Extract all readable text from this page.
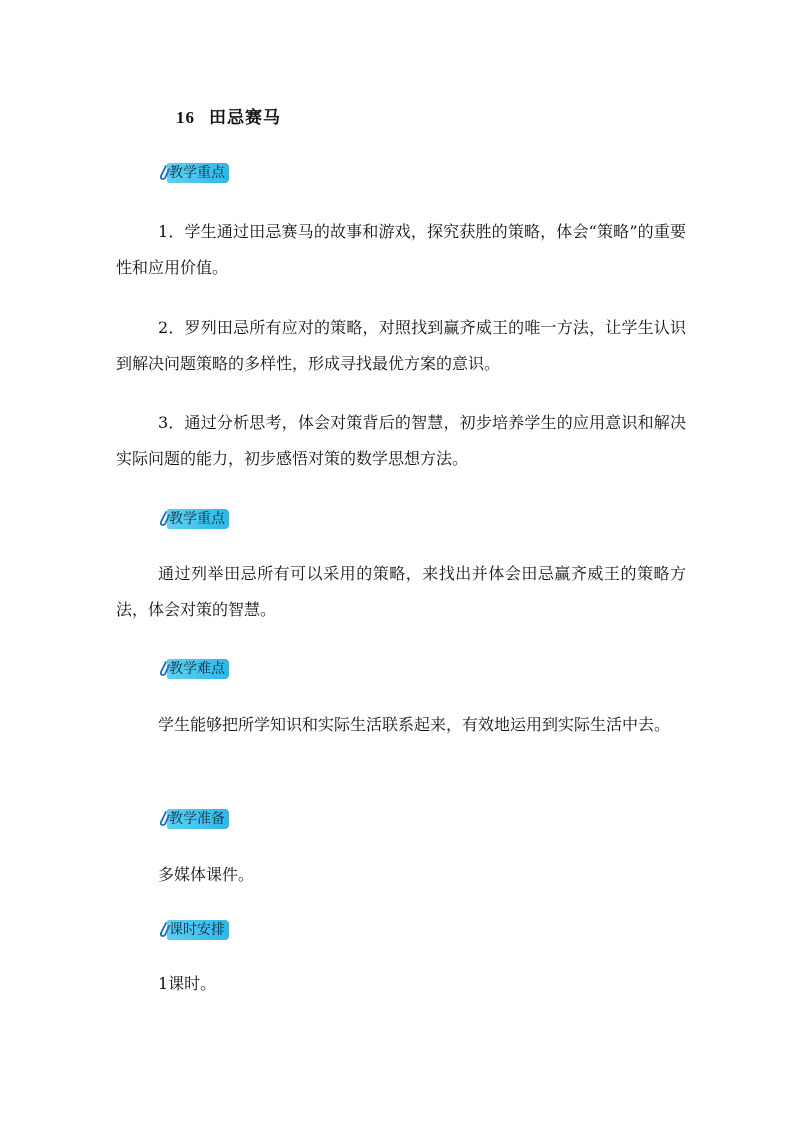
16 田忌赛马
教学重点
1．学生通过田忌赛马的故事和游戏，探究获胜的策略，体会“策略”的重要性和应用价值。
2．罗列田忌所有应对的策略，对照找到赢齐威王的唯一方法，让学生认识到解决问题策略的多样性，形成寻找最优方案的意识。
3．通过分析思考，体会对策背后的智慧，初步培养学生的应用意识和解决实际问题的能力，初步感悟对策的数学思想方法。
教学重点
通过列举田忌所有可以采用的策略，来找出并体会田忌赢齐威王的策略方法，体会对策的智慧。
教学难点
学生能够把所学知识和实际生活联系起来，有效地运用到实际生活中去。
教学准备
多媒体课件。
课时安排
1课时。
